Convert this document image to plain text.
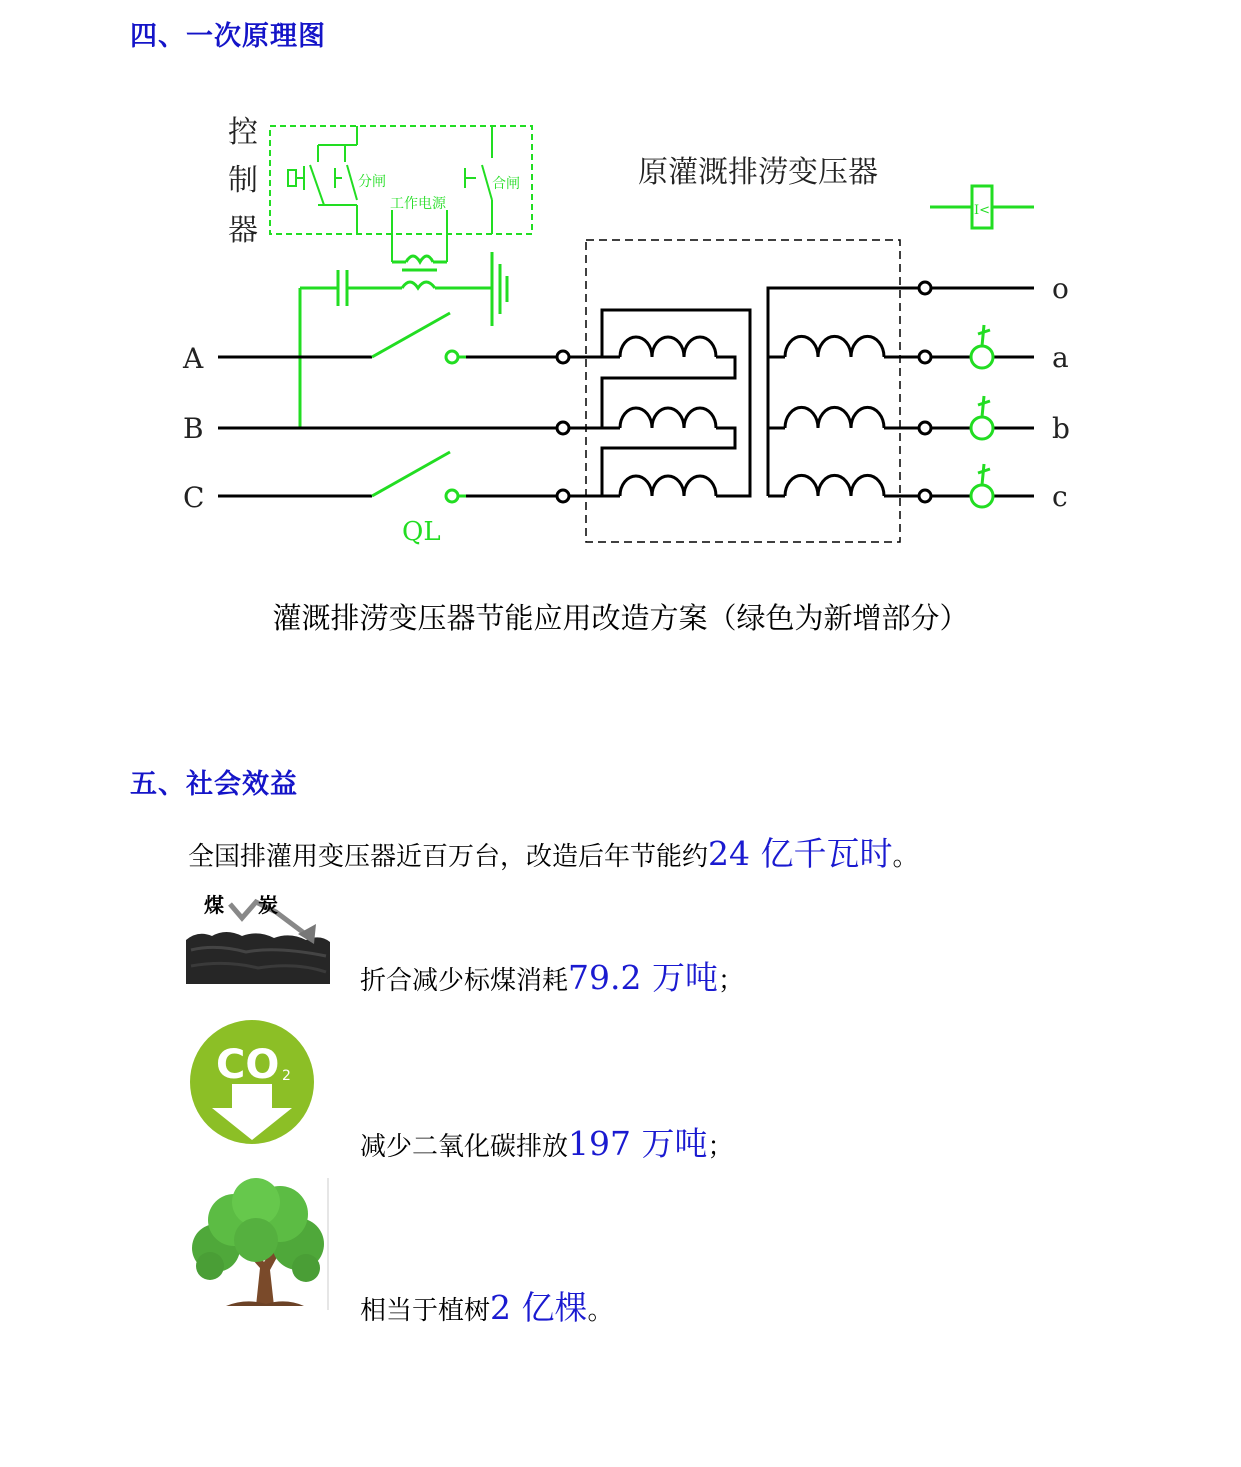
四、一次原理图
控
制
器
分闸	合闸
工作电源
A
B
C
QL
原灌溉排涝变压器
o
a
b
c
I<
灌溉排涝变压器节能应用改造方案（绿色为新增部分）
五、社会效益
全国排灌用变压器近百万台，改造后年节能约24 亿千瓦时。
煤 炭
折合减少标煤消耗79.2 万吨；
CO 2
减少二氧化碳排放197 万吨；
相当于植树2 亿棵。
